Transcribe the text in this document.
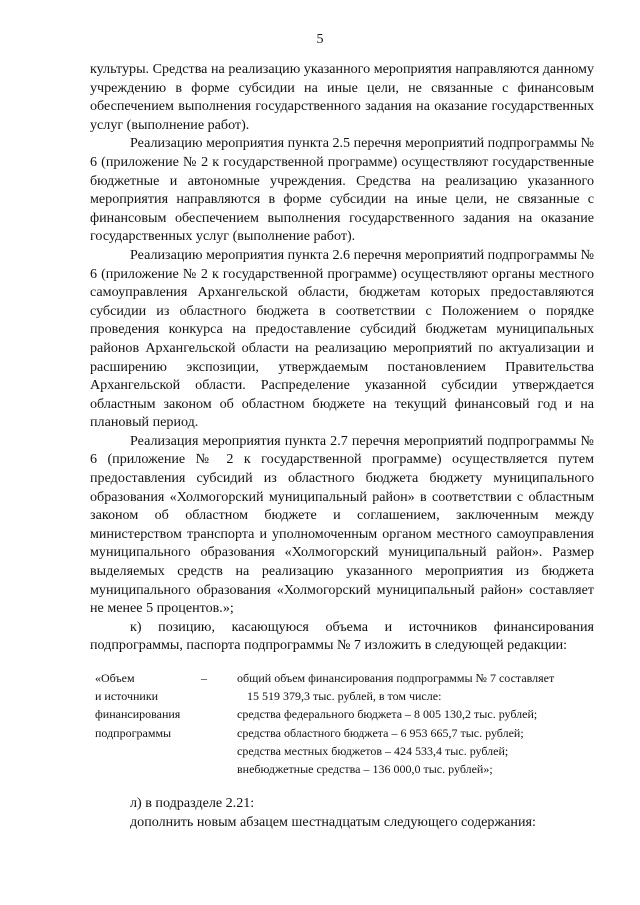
5

культуры. Средства на реализацию указанного мероприятия направляются данному учреждению в форме субсидии на иные цели, не связанные с финансовым обеспечением выполнения государственного задания на оказание государственных услуг (выполнение работ).

Реализацию мероприятия пункта 2.5 перечня мероприятий подпрограммы № 6 (приложение № 2 к государственной программе) осуществляют государственные бюджетные и автономные учреждения. Средства на реализацию указанного мероприятия направляются в форме субсидии на иные цели, не связанные с финансовым обеспечением выполнения государственного задания на оказание государственных услуг (выполнение работ).

Реализацию мероприятия пункта 2.6 перечня мероприятий подпрограммы № 6 (приложение № 2 к государственной программе) осуществляют органы местного самоуправления Архангельской области, бюджетам которых предоставляются субсидии из областного бюджета в соответствии с Положением о порядке проведения конкурса на предоставление субсидий бюджетам муниципальных районов Архангельской области на реализацию мероприятий по актуализации и расширению экспозиции, утверждаемым постановлением Правительства Архангельской области. Распределение указанной субсидии утверждается областным законом об областном бюджете на текущий финансовый год и на плановый период.

Реализация мероприятия пункта 2.7 перечня мероприятий подпрограммы № 6 (приложение № 2 к государственной программе) осуществляется путем предоставления субсидий из областного бюджета бюджету муниципального образования «Холмогорский муниципальный район» в соответствии с областным законом об областном бюджете и соглашением, заключенным между министерством транспорта и уполномоченным органом местного самоуправления муниципального образования «Холмогорский муниципальный район». Размер выделяемых средств на реализацию указанного мероприятия из бюджета муниципального образования «Холмогорский муниципальный район» составляет не менее 5 процентов.»;

к) позицию, касающуюся объема и источников финансирования подпрограммы, паспорта подпрограммы № 7 изложить в следующей редакции:

«Объем
и источники
финансирования
подпрограммы
–	общий объем финансирования подпрограммы № 7 составляет

15 519 379,3 тыс. рублей, в том числе:

средства федерального бюджета – 8 005 130,2 тыс. рублей;

средства областного бюджета – 6 953 665,7 тыс. рублей;

средства местных бюджетов – 424 533,4 тыс. рублей;

внебюджетные средства – 136 000,0 тыс. рублей»;

л) в подразделе 2.21:

дополнить новым абзацем шестнадцатым следующего содержания:
